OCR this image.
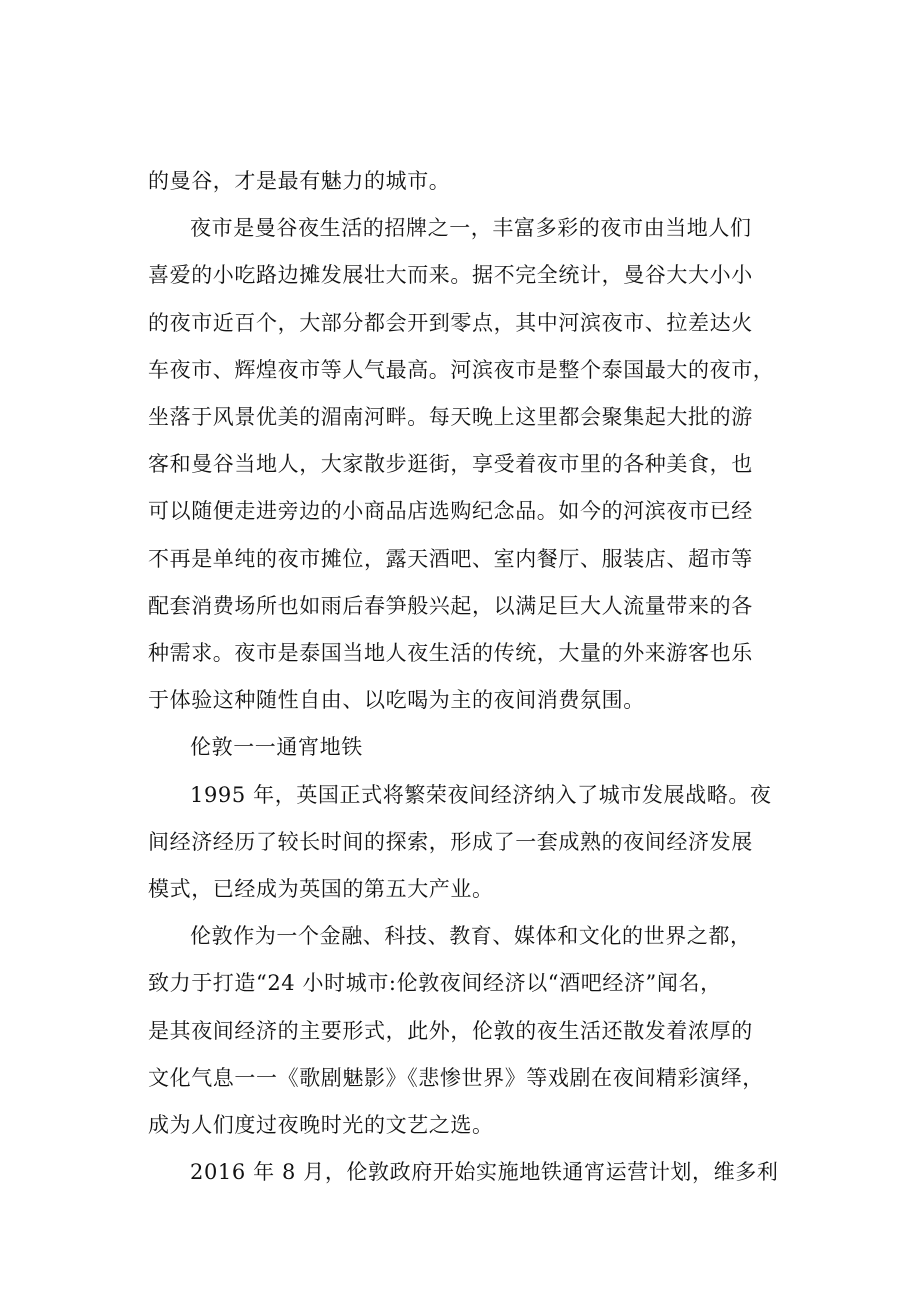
的曼谷，才是最有魅力的城市。

夜市是曼谷夜生活的招牌之一，丰富多彩的夜市由当地人们
喜爱的小吃路边摊发展壮大而来。据不完全统计，曼谷大大小小
的夜市近百个，大部分都会开到零点，其中河滨夜市、拉差达火
车夜市、辉煌夜市等人气最高。河滨夜市是整个泰国最大的夜市，
坐落于风景优美的湄南河畔。每天晚上这里都会聚集起大批的游
客和曼谷当地人，大家散步逛街，享受着夜市里的各种美食，也
可以随便走进旁边的小商品店选购纪念品。如今的河滨夜市已经
不再是单纯的夜市摊位，露天酒吧、室内餐厅、服装店、超市等
配套消费场所也如雨后春笋般兴起，以满足巨大人流量带来的各
种需求。夜市是泰国当地人夜生活的传统，大量的外来游客也乐
于体验这种随性自由、以吃喝为主的夜间消费氛围。

伦敦一一通宵地铁

1995 年，英国正式将繁荣夜间经济纳入了城市发展战略。夜
间经济经历了较长时间的探索，形成了一套成熟的夜间经济发展
模式，已经成为英国的第五大产业。

伦敦作为一个金融、科技、教育、媒体和文化的世界之都，
致力于打造“24 小时城市:伦敦夜间经济以“酒吧经济”闻名，
是其夜间经济的主要形式，此外，伦敦的夜生活还散发着浓厚的
文化气息一一《歌剧魅影》《悲惨世界》等戏剧在夜间精彩演绎，
成为人们度过夜晚时光的文艺之选。

2016 年 8 月，伦敦政府开始实施地铁通宵运营计划，维多利
